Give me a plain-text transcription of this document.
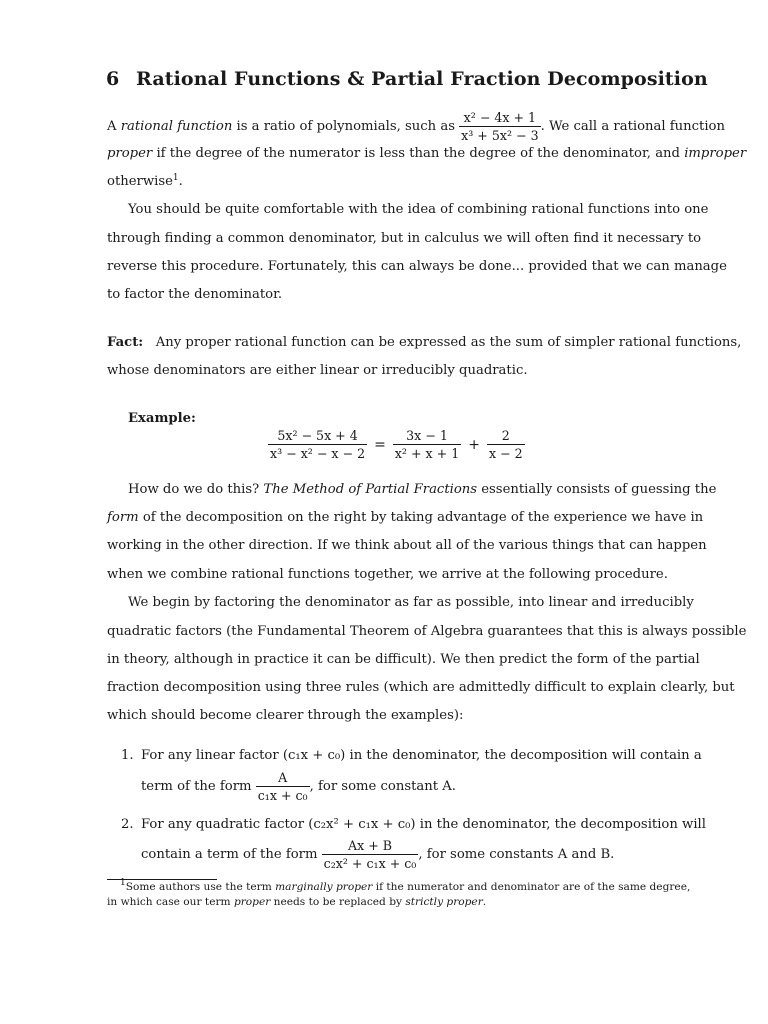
6 Rational Functions & Partial Fraction Decomposition
A rational function is a ratio of polynomials, such as $\frac{\text{x² − 4x + 1}}{\text{x³ + 5x² − 3}}$ . We call a rational function
proper if the degree of the numerator is less than the degree of the denominator, and improper
otherwise$^1$.
You should be quite comfortable with the idea of combining rational functions into one
through finding a common denominator, but in calculus we will often find it necessary to
reverse this procedure. Fortunately, this can always be done... provided that we can manage
to factor the denominator.
Fact: Any proper rational function can be expressed as the sum of simpler rational functions,
whose denominators are either linear or irreducibly quadratic.
Example:
$\frac{\text{5x² − 5x + 4}}{\text{x³ − x² − x − 2}} = \frac{3x - 1}{\text{x² + x + 1}} + \frac{2}{x - 2}$
How do we do this? The Method of Partial Fractions essentially consists of guessing the
form of the decomposition on the right by taking advantage of the experience we have in
working in the other direction. If we think about all of the various things that can happen
when we combine rational functions together, we arrive at the following procedure.
We begin by factoring the denominator as far as possible, into linear and irreducibly
quadratic factors (the Fundamental Theorem of Algebra guarantees that this is always possible
in theory, although in practice it can be difficult). We then predict the form of the partial
fraction decomposition using three rules (which are admittedly difficult to explain clearly, but
which should become clearer through the examples):
1. For any linear factor (c₁x + c₀) in the denominator, the decomposition will contain a
term of the form $\frac{A}{\text{c₁x + c₀}}$ , for some constant A.
2. For any quadratic factor (c₂x² + c₁x + c₀) in the denominator, the decomposition will
contain a term of the form $\frac{Ax + B}{\text{c₂x² + c₁x + c₀}}$ , for some constants A and B.
$^1$Some authors use the term marginally proper if the numerator and denominator are of the same degree,
in which case our term proper needs to be replaced by strictly proper.
